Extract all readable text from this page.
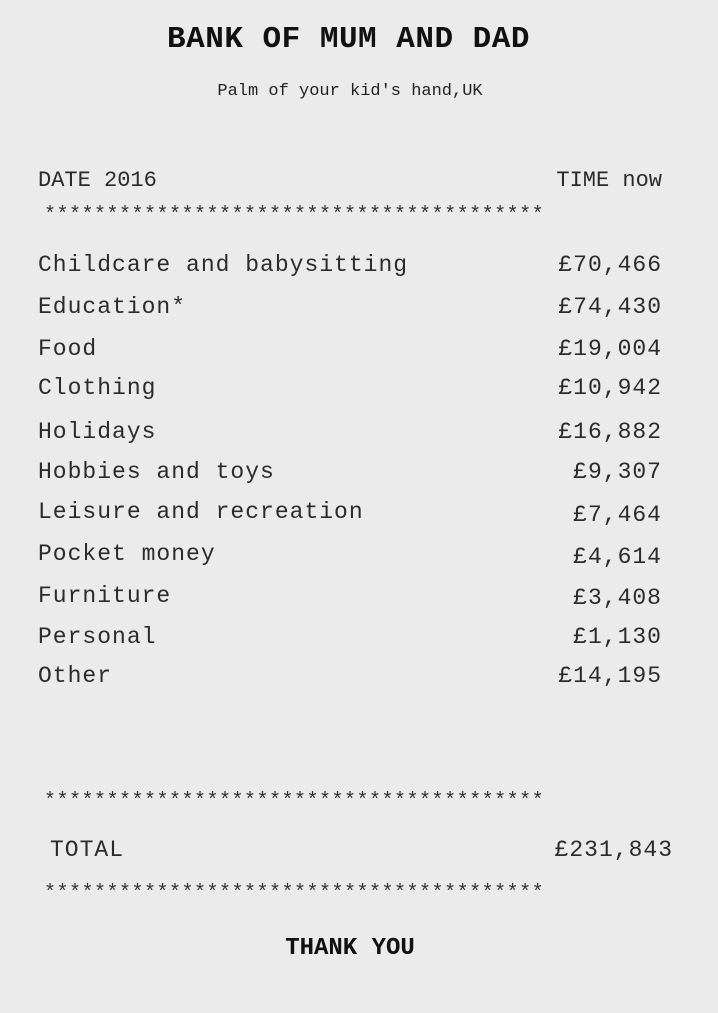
BANK OF MUM AND DAD
Palm of your kid's hand,UK
DATE 2016	TIME now
****************************************
Childcare and babysitting	£70,466
Education*	£74,430
Food	£19,004
Clothing	£10,942
Holidays	£16,882
Hobbies and toys	£9,307
Leisure and recreation	£7,464
Pocket money	£4,614
Furniture	£3,408
Personal	£1,130
Other	£14,195
****************************************
TOTAL	£231,843
****************************************
THANK YOU
